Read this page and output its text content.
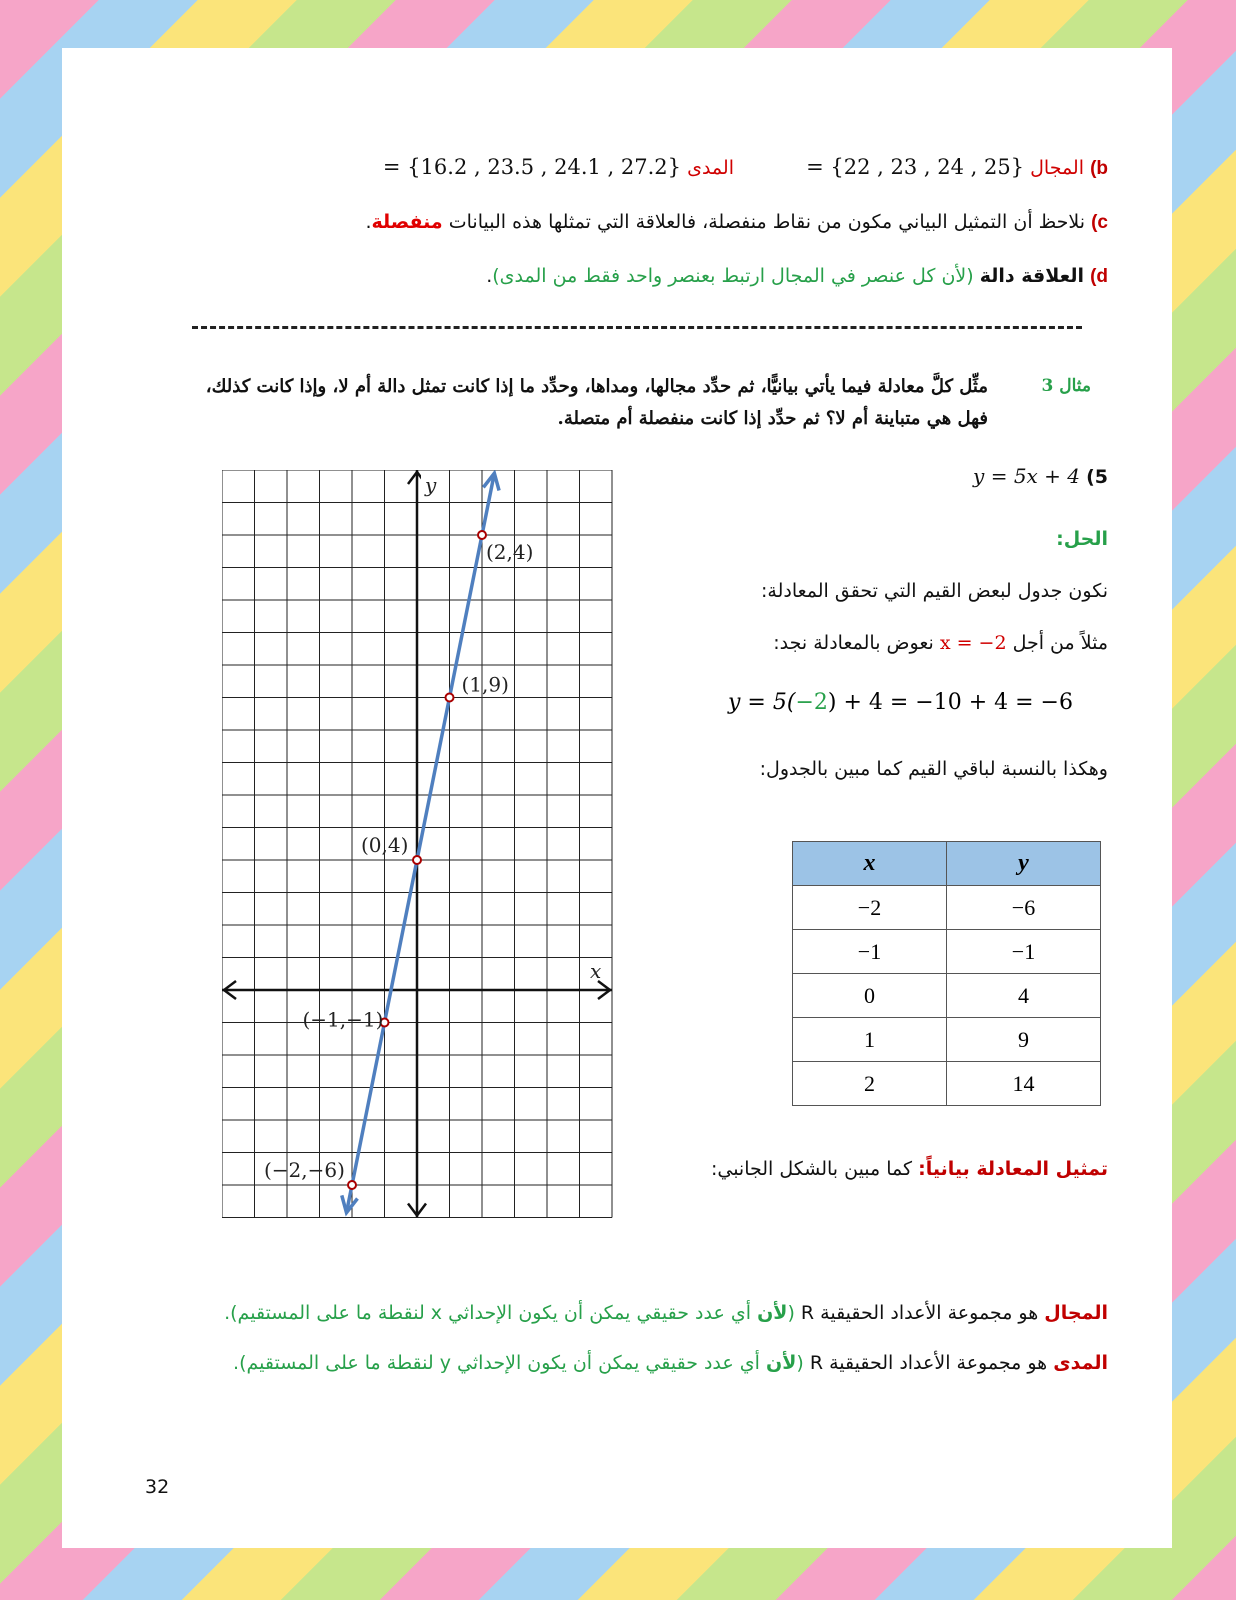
b) المجال = {22 , 23 , 24 , 25}  المدى = {16.2 , 23.5 , 24.1 , 27.2}
c) نلاحظ أن التمثيل البياني مكون من نقاط منفصلة، فالعلاقة التي تمثلها هذه البيانات منفصلة.
d) العلاقة دالة (لأن كل عنصر في المجال ارتبط بعنصر واحد فقط من المدى).
مثال 3
مثِّل كلَّ معادلة فيما يأتي بيانيًّا، ثم حدِّد مجالها، ومداها، وحدِّد ما إذا كانت تمثل دالة أم لا، وإذا كانت كذلك،
فهل هي متباينة أم لا؟ ثم حدِّد إذا كانت منفصلة أم متصلة.
5) y = 5x + 4
الحل:
نكون جدول لبعض القيم التي تحقق المعادلة:
مثلاً من أجل x = −2 نعوض بالمعادلة نجد:
y = 5(−2) + 4 = −10 + 4 = −6
وهكذا بالنسبة لباقي القيم كما مبين بالجدول:
x	y
−2	−6
−1	−1
0	4
1	9
2	14
تمثيل المعادلة بيانياً: كما مبين بالشكل الجانبي:
x
y
(−2,−6)
(−1,−1)
(0,4)
(1,9)
(2,4)
المجال هو مجموعة الأعداد الحقيقية R (لأن أي عدد حقيقي يمكن أن يكون الإحداثي x لنقطة ما على المستقيم).
المدى هو مجموعة الأعداد الحقيقية R (لأن أي عدد حقيقي يمكن أن يكون الإحداثي y لنقطة ما على المستقيم).
32
